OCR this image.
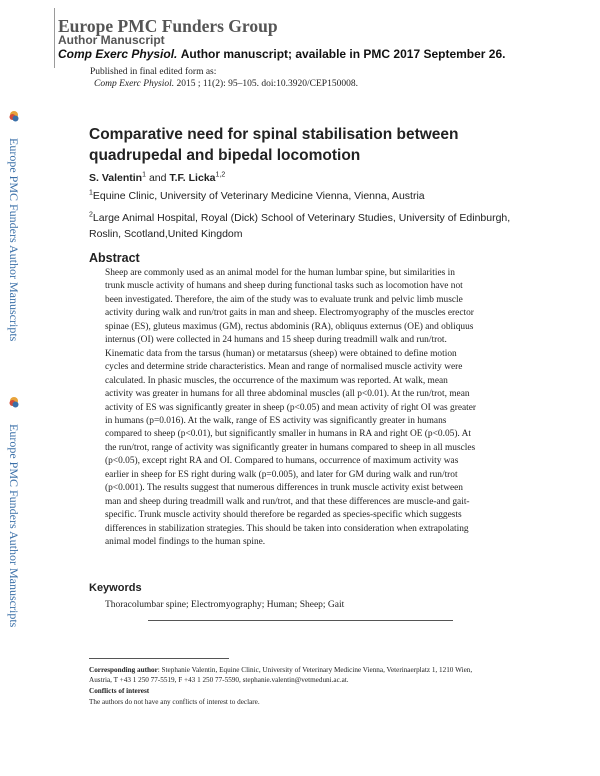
Europe PMC Funders Group
Author Manuscript
Comp Exerc Physiol. Author manuscript; available in PMC 2017 September 26.
Published in final edited form as:
Comp Exerc Physiol. 2015 ; 11(2): 95–105. doi:10.3920/CEP150008.
Europe PMC Funders Author Manuscripts
Europe PMC Funders Author Manuscripts
Comparative need for spinal stabilisation between quadrupedal and bipedal locomotion
S. Valentin$^1$ and T.F. Licka$^{1,2}$
$^1$Equine Clinic, University of Veterinary Medicine Vienna, Vienna, Austria
$^2$Large Animal Hospital, Royal (Dick) School of Veterinary Studies, University of Edinburgh,
Roslin, Scotland,United Kingdom
Abstract
Sheep are commonly used as an animal model for the human lumbar spine, but similarities in
trunk muscle activity of humans and sheep during functional tasks such as locomotion have not
been investigated. Therefore, the aim of the study was to evaluate trunk and pelvic limb muscle
activity during walk and run/trot gaits in man and sheep. Electromyography of the muscles erector
spinae (ES), gluteus maximus (GM), rectus abdominis (RA), obliquus externus (OE) and obliquus
internus (OI) were collected in 24 humans and 15 sheep during treadmill walk and run/trot.
Kinematic data from the tarsus (human) or metatarsus (sheep) were obtained to define motion
cycles and determine stride characteristics. Mean and range of normalised muscle activity were
calculated. In phasic muscles, the occurrence of the maximum was reported. At walk, mean
activity was greater in humans for all three abdominal muscles (all p<0.01). At the run/trot, mean
activity of ES was significantly greater in sheep (p<0.05) and mean activity of right OI was greater
in humans (p=0.016). At the walk, range of ES activity was significantly greater in humans
compared to sheep (p<0.01), but significantly smaller in humans in RA and right OE (p<0.05). At
the run/trot, range of activity was significantly greater in humans compared to sheep in all muscles
(p<0.05), except right RA and OI. Compared to humans, occurrence of maximum activity was
earlier in sheep for ES right during walk (p=0.005), and later for GM during walk and run/trot
(p<0.001). The results suggest that numerous differences in trunk muscle activity exist between
man and sheep during treadmill walk and run/trot, and that these differences are muscle-and gait-
specific. Trunk muscle activity should therefore be regarded as species-specific which suggests
differences in stabilization strategies. This should be taken into consideration when extrapolating
animal model findings to the human spine.
Keywords
Thoracolumbar spine; Electromyography; Human; Sheep; Gait
Corresponding author: Stephanie Valentin, Equine Clinic, University of Veterinary Medicine Vienna, Veterinaerplatz 1, 1210 Wien,
Austria, T +43 1 250 77-5519, F +43 1 250 77-5590, stephanie.valentin@vetmeduni.ac.at.
Conflicts of interest
The authors do not have any conflicts of interest to declare.
